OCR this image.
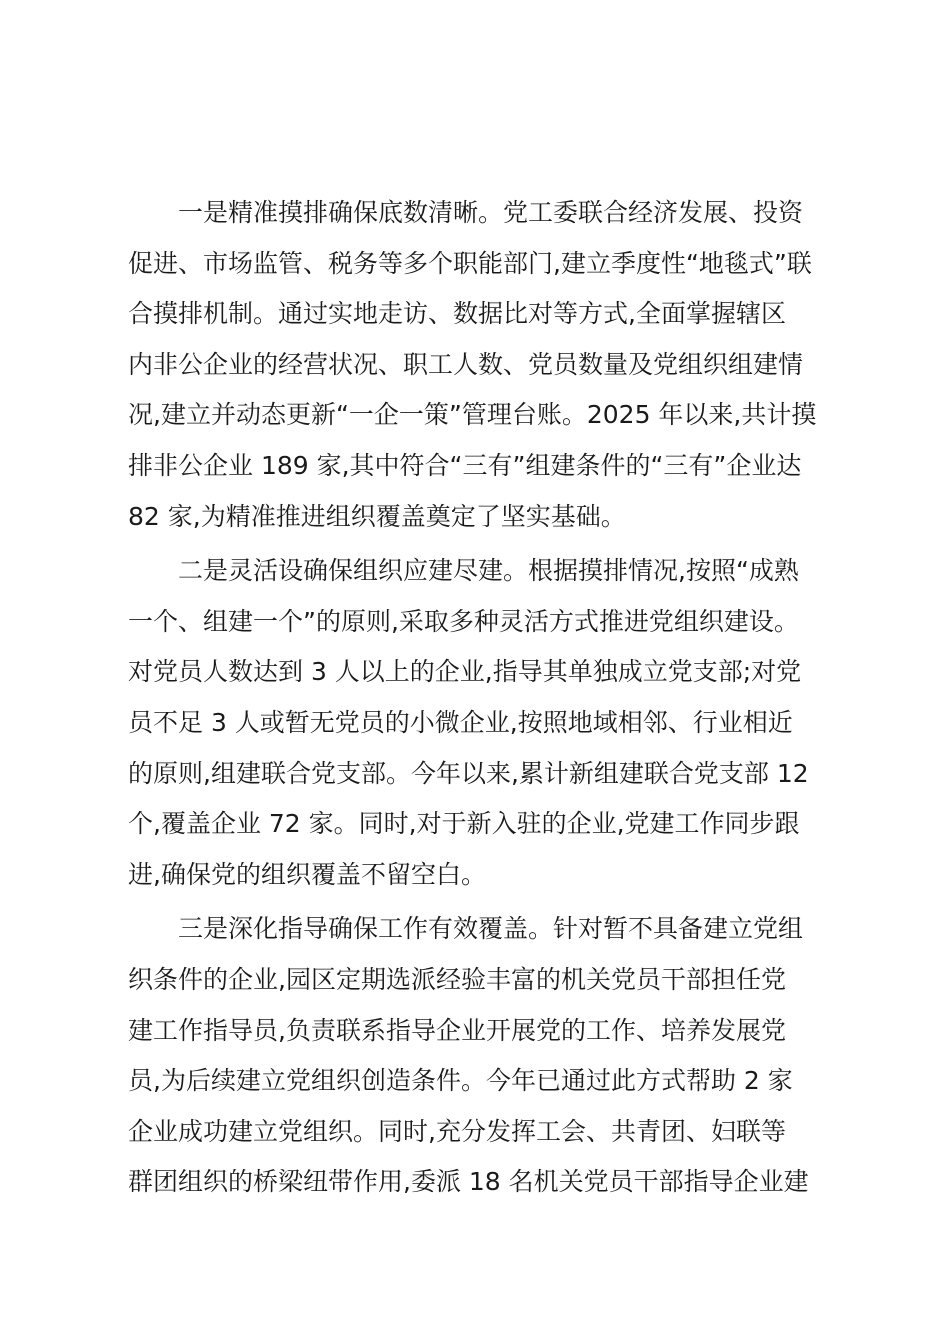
一是精准摸排确保底数清晰。党工委联合经济发展、投资
促进、市场监管、税务等多个职能部门,建立季度性“地毯式”联
合摸排机制。通过实地走访、数据比对等方式,全面掌握辖区
内非公企业的经营状况、职工人数、党员数量及党组织组建情
况,建立并动态更新“一企一策”管理台账。2025 年以来,共计摸
排非公企业 189 家,其中符合“三有”组建条件的“三有”企业达
82 家,为精准推进组织覆盖奠定了坚实基础。
二是灵活设确保组织应建尽建。根据摸排情况,按照“成熟
一个、组建一个”的原则,采取多种灵活方式推进党组织建设。
对党员人数达到 3 人以上的企业,指导其单独成立党支部;对党
员不足 3 人或暂无党员的小微企业,按照地域相邻、行业相近
的原则,组建联合党支部。今年以来,累计新组建联合党支部 12
个,覆盖企业 72 家。同时,对于新入驻的企业,党建工作同步跟
进,确保党的组织覆盖不留空白。
三是深化指导确保工作有效覆盖。针对暂不具备建立党组
织条件的企业,园区定期选派经验丰富的机关党员干部担任党
建工作指导员,负责联系指导企业开展党的工作、培养发展党
员,为后续建立党组织创造条件。今年已通过此方式帮助 2 家
企业成功建立党组织。同时,充分发挥工会、共青团、妇联等
群团组织的桥梁纽带作用,委派 18 名机关党员干部指导企业建
